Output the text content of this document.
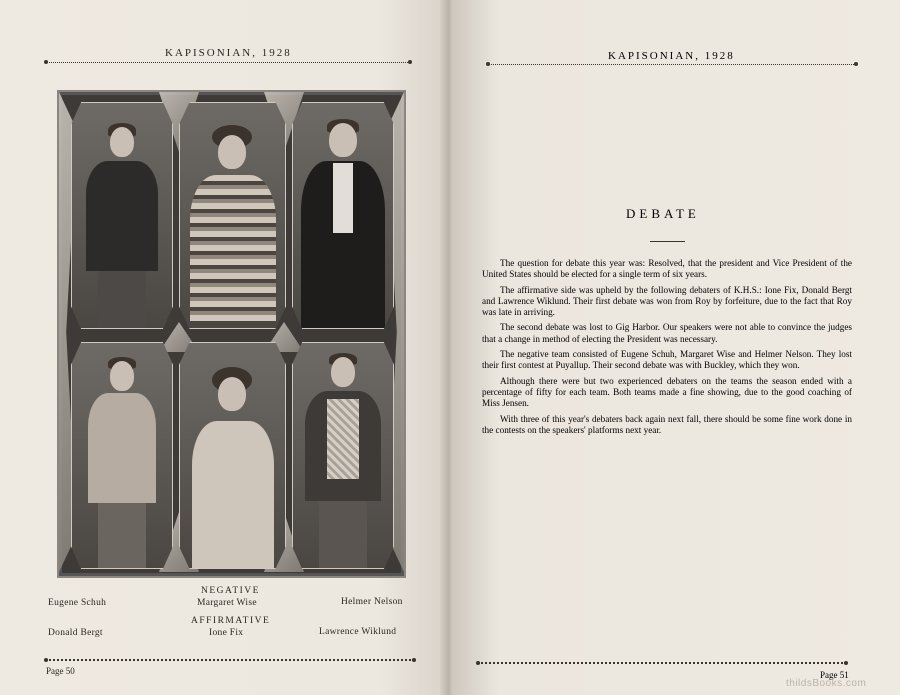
KAPISONIAN, 1928
NEGATIVE
Eugene Schuh	Margaret Wise	Helmer Nelson
AFFIRMATIVE
Donald Bergt	Ione Fix	Lawrence Wiklund
Page 50
KAPISONIAN, 1928
DEBATE

The question for debate this year was: Resolved, that the president and Vice President of the United States should be elected for a single term of six years.

The affirmative side was upheld by the following debaters of K.H.S.: Ione Fix, Donald Bergt and Lawrence Wiklund. Their first debate was won from Roy by forfeiture, due to the fact that Roy was late in arriving.

The second debate was lost to Gig Harbor. Our speakers were not able to convince the judges that a change in method of electing the President was necessary.

The negative team consisted of Eugene Schuh, Margaret Wise and Helmer Nelson. They lost their first contest at Puyallup. Their second debate was with Buckley, which they won.

Although there were but two experienced debaters on the teams the season ended with a percentage of fifty for each team. Both teams made a fine showing, due to the good coaching of Miss Jensen.

With three of this year's debaters back again next fall, there should be some fine work done in the contests on the speakers' platforms next year.

Page 51
thildsBooks.com
